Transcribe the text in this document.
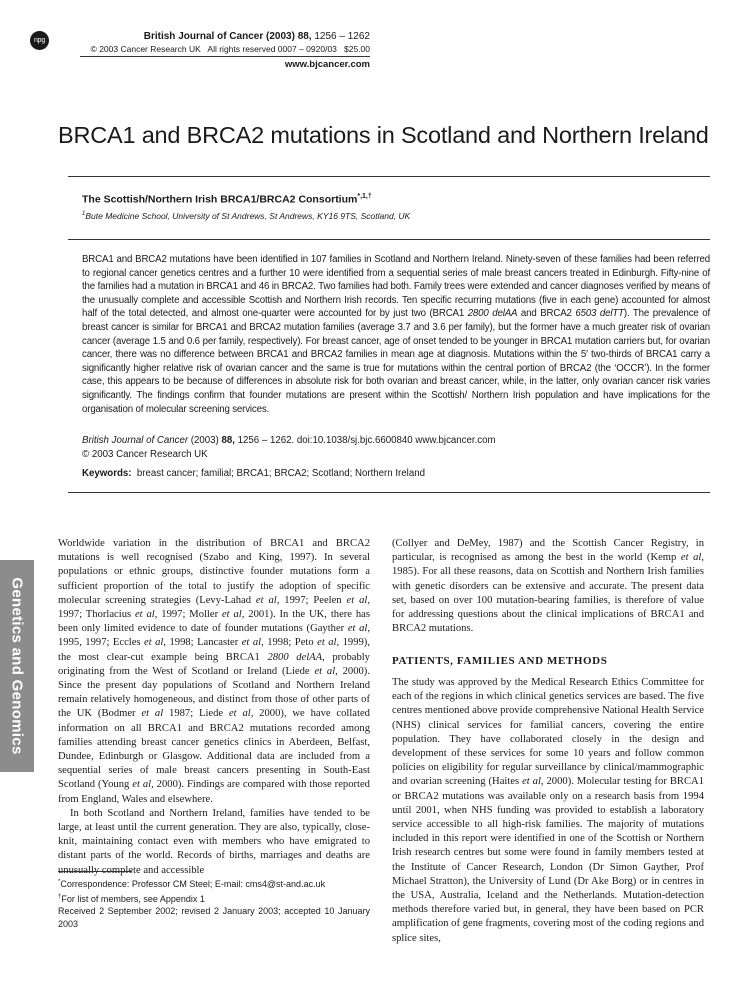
npg	British Journal of Cancer (2003) 88, 1256 – 1262
© 2003 Cancer Research UK All rights reserved 0007 – 0920/03 $25.00
www.bjcancer.com
BRCA1 and BRCA2 mutations in Scotland and Northern Ireland
The Scottish/Northern Irish BRCA1/BRCA2 Consortium$^{*,1,\dagger}$
$^1$Bute Medicine School, University of St Andrews, St Andrews, KY16 9TS, Scotland, UK

BRCA1 and BRCA2 mutations have been identified in 107 families in Scotland and Northern Ireland. Ninety-seven of these families had been referred to regional cancer genetics centres and a further 10 were identified from a sequential series of male breast cancers treated in Edinburgh. Fifty-nine of the families had a mutation in BRCA1 and 46 in BRCA2. Two families had both. Family trees were extended and cancer diagnoses verified by means of the unusually complete and accessible Scottish and Northern Irish records. Ten specific recurring mutations (five in each gene) accounted for almost half of the total detected, and almost one-quarter were accounted for by just two (BRCA1 2800 delAA and BRCA2 6503 delTT). The prevalence of breast cancer is similar for BRCA1 and BRCA2 mutation families (average 3.7 and 3.6 per family), but the former have a much greater risk of ovarian cancer (average 1.5 and 0.6 per family, respectively). For breast cancer, age of onset tended to be younger in BRCA1 mutation carriers but, for ovarian cancer, there was no difference between BRCA1 and BRCA2 families in mean age at diagnosis. Mutations within the 5′ two-thirds of BRCA1 carry a significantly higher relative risk of ovarian cancer and the same is true for mutations within the central portion of BRCA2 (the ‘OCCR’). In the former case, this appears to be because of differences in absolute risk for both ovarian and breast cancer, while, in the latter, only ovarian cancer risk varies significantly. The findings confirm that founder mutations are present within the Scottish/ Northern Irish population and have implications for the organisation of molecular screening services.

British Journal of Cancer (2003) 88, 1256 – 1262. doi:10.1038/sj.bjc.6600840 www.bjcancer.com
© 2003 Cancer Research UK
Keywords: breast cancer; familial; BRCA1; BRCA2; Scotland; Northern Ireland
Genetics and Genomics

Worldwide variation in the distribution of BRCA1 and BRCA2 mutations is well recognised (Szabo and King, 1997). In several populations or ethnic groups, distinctive founder mutations form a sufficient proportion of the total to justify the adoption of specific molecular screening strategies (Levy-Lahad et al, 1997; Peelen et al, 1997; Thorlacius et al, 1997; Moller et al, 2001). In the UK, there has been only limited evidence to date of founder mutations (Gayther et al, 1995, 1997; Eccles et al, 1998; Lancaster et al, 1998; Peto et al, 1999), the most clear-cut example being BRCA1 2800 delAA, probably originating from the West of Scotland or Ireland (Liede et al, 2000). Since the present day populations of Scotland and Northern Ireland remain relatively homogeneous, and distinct from those of other parts of the UK (Bodmer et al 1987; Liede et al, 2000), we have collated information on all BRCA1 and BRCA2 mutations recorded among families attending breast cancer genetics clinics in Aberdeen, Belfast, Dundee, Edinburgh or Glasgow. Additional data are included from a sequential series of male breast cancers presenting in South-East Scotland (Young et al, 2000). Findings are compared with those reported from England, Wales and elsewhere.

In both Scotland and Northern Ireland, families have tended to be large, at least until the current generation. They are also, typically, close-knit, maintaining contact even with members who have emigrated to distant parts of the world. Records of births, marriages and deaths are unusually complete and accessible

*Correspondence: Professor CM Steel; E-mail: cms4@st-and.ac.uk

†For list of members, see Appendix 1

Received 2 September 2002; revised 2 January 2003; accepted 10 January 2003

(Collyer and DeMey, 1987) and the Scottish Cancer Registry, in particular, is recognised as among the best in the world (Kemp et al, 1985). For all these reasons, data on Scottish and Northern Irish families with genetic disorders can be extensive and accurate. The present data set, based on over 100 mutation-bearing families, is therefore of value for addressing questions about the clinical implications of BRCA1 and BRCA2 mutations.

PATIENTS, FAMILIES AND METHODS

The study was approved by the Medical Research Ethics Committee for each of the regions in which clinical genetics services are based. The five centres mentioned above provide comprehensive National Health Service (NHS) clinical services for familial cancers, covering the entire population. They have collaborated closely in the design and development of these services for some 10 years and follow common policies on eligibility for regular surveillance by clinical/mammographic and ovarian screening (Haites et al, 2000). Molecular testing for BRCA1 or BRCA2 mutations was available only on a research basis from 1994 until 2001, when NHS funding was provided to establish a laboratory service accessible to all high-risk families. The majority of mutations included in this report were identified in one of the Scottish or Northern Irish research centres but some were found in family members tested at the Institute of Cancer Research, London (Dr Simon Gayther, Prof Michael Stratton), the University of Lund (Dr Ake Borg) or in centres in the USA, Australia, Iceland and the Netherlands. Mutation-detection methods therefore varied but, in general, they have been based on PCR amplification of gene fragments, covering most of the coding regions and splice sites,
